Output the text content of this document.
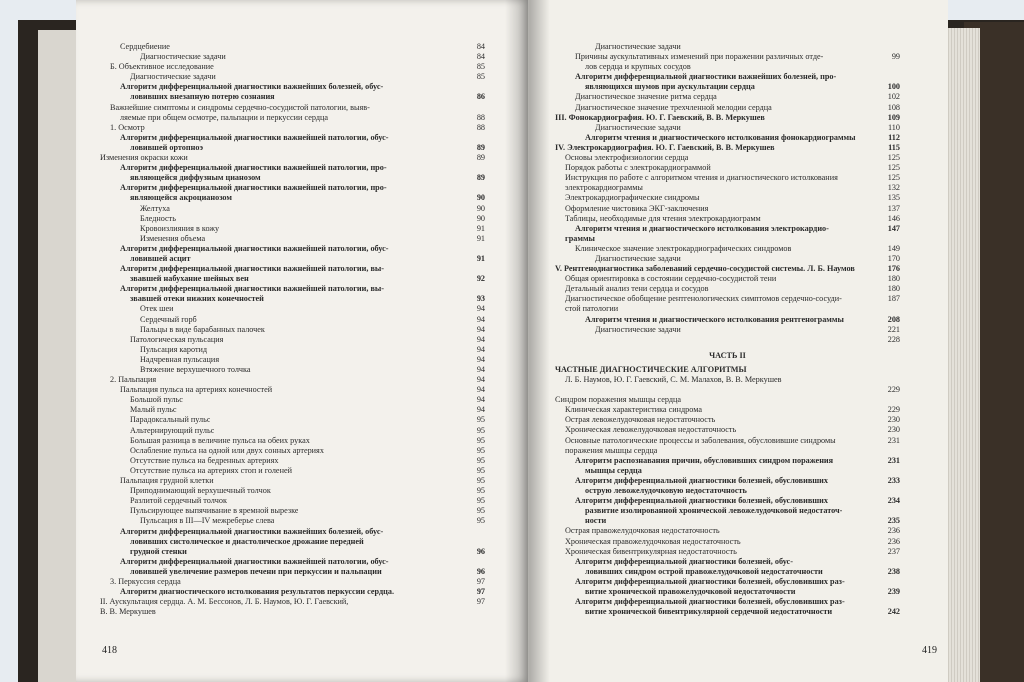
Сердцебиение	84
Диагностические задачи	84
Б. Объективное исследование	85
Диагностические задачи	85
Алгоритм дифференциальной диагностики важнейших болезней, обус-
ловивших внезапную потерю сознания	86
Важнейшие симптомы и синдромы сердечно-сосудистой патологии, выяв-
ляемые при общем осмотре, пальпации и перкуссии сердца	88
1. Осмотр	88
Алгоритм дифференциальной диагностики важнейшей патологии, обус-
ловившей ортопноэ	89
Изменения окраски кожи	89
Алгоритм дифференциальной диагностики важнейшей патологии, про-
являющейся диффузным цианозом	89
Алгоритм дифференциальной диагностики важнейшей патологии, про-
являющейся акроцианозом	90
Желтуха	90
Бледность	90
Кровоизлияния в кожу	91
Изменения объема	91
Алгоритм дифференциальной диагностики важнейшей патологии, обус-
ловившей асцит	91
Алгоритм дифференциальной диагностики важнейшей патологии, вы-
звавшей набухание шейных вен	92
Алгоритм дифференциальной диагностики важнейшей патологии, вы-
звавшей отеки нижних конечностей	93
Отек шеи	94
Сердечный горб	94
Пальцы в виде барабанных палочек	94
Патологическая пульсация	94
Пульсация каротид	94
Надчревная пульсация	94
Втяжение верхушечного толчка	94
2. Пальпация	94
Пальпация пульса на артериях конечностей	94
Большой пульс	94
Малый пульс	94
Парадоксальный пульс	95
Альтернирующий пульс	95
Большая разница в величине пульса на обеих руках	95
Ослабление пульса на одной или двух сонных артериях	95
Отсутствие пульса на бедренных артериях	95
Отсутствие пульса на артериях стоп и голеней	95
Пальпация грудной клетки	95
Приподнимающий верхушечный толчок	95
Разлитой сердечный толчок	95
Пульсирующее выпячивание в яремной вырезке	95
Пульсация в III—IV межреберье слева	95
Алгоритм дифференциальной диагностики важнейших болезней, обус-
ловивших систолическое и диастолическое дрожание передней
грудной стенки	96
Алгоритм дифференциальной диагностики важнейшей патологии, обус-
ловившей увеличение размеров печени при перкуссии и пальпации	96
3. Перкуссия сердца	97
Алгоритм диагностического истолкования результатов перкуссии сердца.	97
II. Аускультация сердца. А. М. Бессонов, Л. Б. Наумов, Ю. Г. Гаевский,	97
В. В. Меркушев
Диагностические задачи
Причины аускультативных изменений при поражении различных отде-	99
лов сердца и крупных сосудов
Алгоритм дифференциальной диагностики важнейших болезней, про-
являющихся шумов при аускультации сердца	100
Диагностическое значение ритма сердца	102
Диагностическое значение трехчленной мелодии сердца	108
III. Фонокардиография. Ю. Г. Гаевский, В. В. Меркушев	109
Диагностические задачи	110
Алгоритм чтения и диагностического истолкования фонокардиограммы	112
IV. Электрокардиография. Ю. Г. Гаевский, В. В. Меркушев	115
Основы электрофизиологии сердца	125
Порядок работы с электрокардиограммой	125
Инструкция по работе с алгоритмом чтения и диагностического истолкования	125
электрокардиограммы	132
Электрокардиографические синдромы	135
Оформление чистовика ЭКГ-заключения	137
Таблицы, необходимые для чтения электрокардиограмм	146
Алгоритм чтения и диагностического истолкования электрокардио-	147
граммы
Клиническое значение электрокардиографических синдромов	149
Диагностические задачи	170
V. Рентгенодиагностика заболеваний сердечно-сосудистой системы. Л. Б. Наумов	176
Общая ориентировка в состоянии сердечно-сосудистой тени	180
Детальный анализ тени сердца и сосудов	180
Диагностическое обобщение рентгенологических симптомов сердечно-сосуди-	187
стой патологии
Алгоритм чтения и диагностического истолкования рентгенограммы	208
Диагностические задачи	221
228
ЧАСТЬ II
ЧАСТНЫЕ ДИАГНОСТИЧЕСКИЕ АЛГОРИТМЫ
Л. Б. Наумов, Ю. Г. Гаевский, С. М. Малахов, В. В. Меркушев
229
Синдром поражения мышцы сердца
Клиническая характеристика синдрома	229
Острая левожелудочковая недостаточность	230
Хроническая левожелудочковая недостаточность	230
Основные патологические процессы и заболевания, обусловившие синдромы	231
поражения мышцы сердца
Алгоритм распознавания причин, обусловивших синдром поражения	231
мышцы сердца
Алгоритм дифференциальной диагностики болезней, обусловивших	233
острую левожелудочковую недостаточность
Алгоритм дифференциальной диагностики болезней, обусловивших	234
развитие изолированной хронической левожелудочковой недостаточ-
ности	235
Острая правожелудочковая недостаточность	236
Хроническая правожелудочковая недостаточность	236
Хроническая бивентрикулярная недостаточность	237
Алгоритм дифференциальной диагностики болезней, обус-
ловивших синдром острой правожелудочковой недостаточности	238
Алгоритм дифференциальной диагностики болезней, обусловивших раз-
витие хронической правожелудочковой недостаточности	239
Алгоритм дифференциальной диагностики болезней, обусловивших раз-
витие хронической бивентрикулярной сердечной недостаточности	242
418	419
